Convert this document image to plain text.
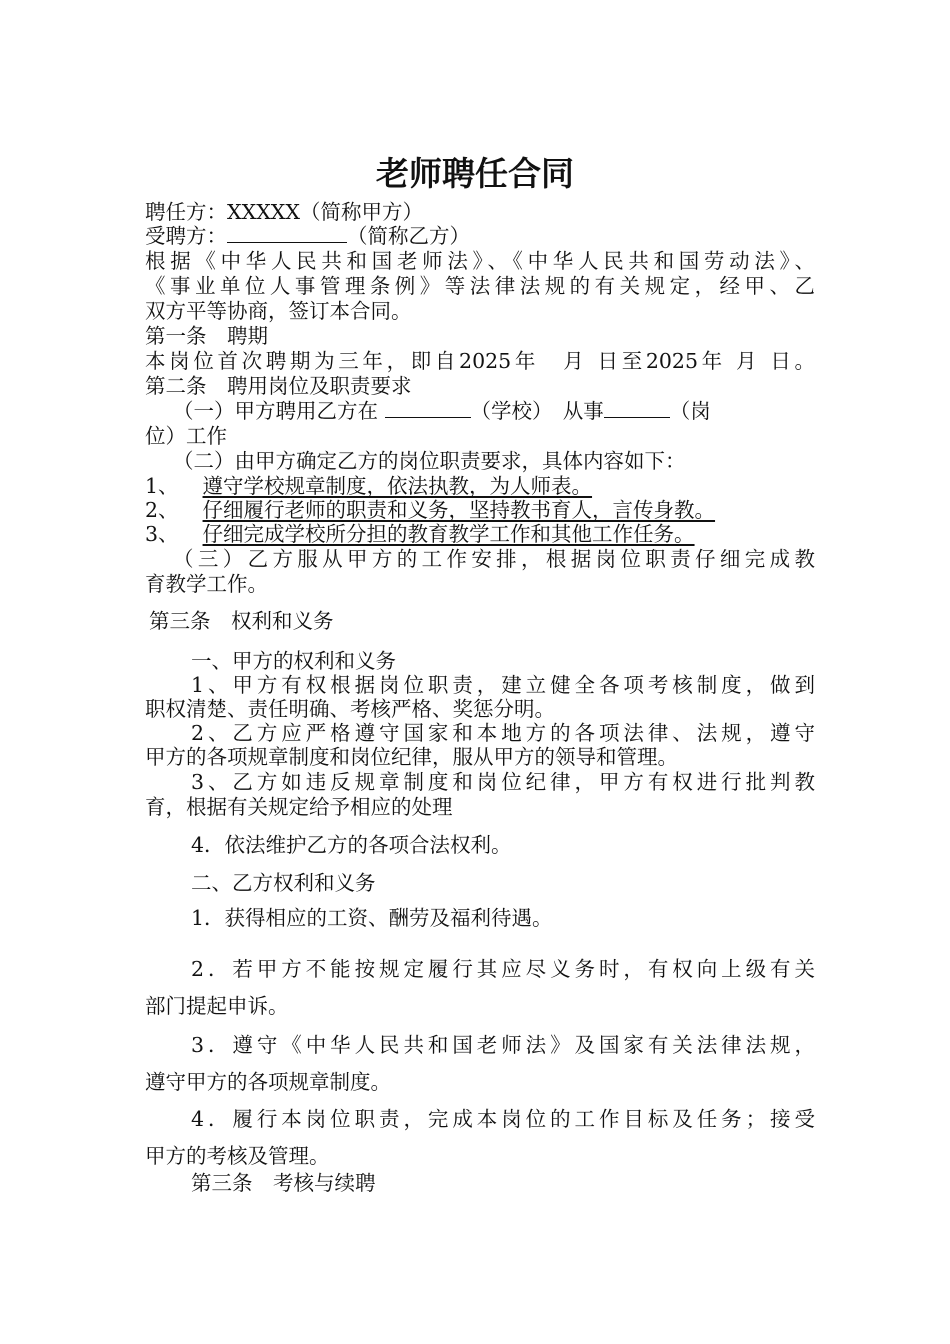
老师聘任合同
聘任方：XXXXX（简称甲方）
受聘方：	（简称乙方）
根据《中华人民共和国老师法》、《中华人民共和国劳动法》、
《事业单位人事管理条例》等法律法规的有关规定，经甲、乙
双方平等协商，签订本合同。
第一条　聘期
本岗位首次聘期为三年，即自2025年　月 日至2025年 月 日。
第二条　聘用岗位及职责要求
（一）甲方聘用乙方在	（学校）　从事	（岗
位）工作
（二）由甲方确定乙方的岗位职责要求，具体内容如下：
1、 遵守学校规章制度，依法执教，为人师表。
2、 仔细履行老师的职责和义务，坚持教书育人，言传身教。
3、 仔细完成学校所分担的教育教学工作和其他工作任务。
（三）乙方服从甲方的工作安排，根据岗位职责仔细完成教
育教学工作。
第三条　权利和义务
一、甲方的权利和义务
1、甲方有权根据岗位职责，建立健全各项考核制度，做到
职权清楚、责任明确、考核严格、奖惩分明。
2、乙方应严格遵守国家和本地方的各项法律、法规，遵守
甲方的各项规章制度和岗位纪律，服从甲方的领导和管理。
3、乙方如违反规章制度和岗位纪律，甲方有权进行批判教
育，根据有关规定给予相应的处理
4．依法维护乙方的各项合法权利。
二、乙方权利和义务
1．获得相应的工资、酬劳及福利待遇。
2．若甲方不能按规定履行其应尽义务时，有权向上级有关
部门提起申诉。
3．遵守《中华人民共和国老师法》及国家有关法律法规，
遵守甲方的各项规章制度。
4．履行本岗位职责，完成本岗位的工作目标及任务；接受
甲方的考核及管理。
第三条　考核与续聘
